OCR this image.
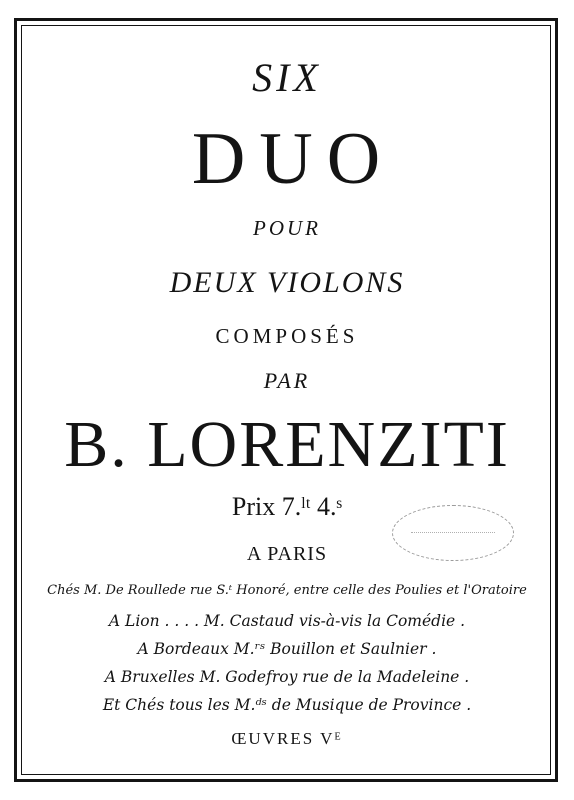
SIX

DUO

POUR

DEUX VIOLONS

COMPOSÉS

PAR

B. LORENZITI

Prix 7.ˡᵗ 4.ˢ

A PARIS

Chés M. De Roullede rue S.ᵗ Honoré, entre celle des Poulies et l'Oratoire

A Lion . . . . M. Castaud vis-à-vis la Comédie .

A Bordeaux M.ʳˢ Bouillon et Saulnier .

A Bruxelles M. Godefroy rue de la Madeleine .

Et Chés tous les M.ᵈˢ de Musique de Province .

ŒUVRES Vᴱ
